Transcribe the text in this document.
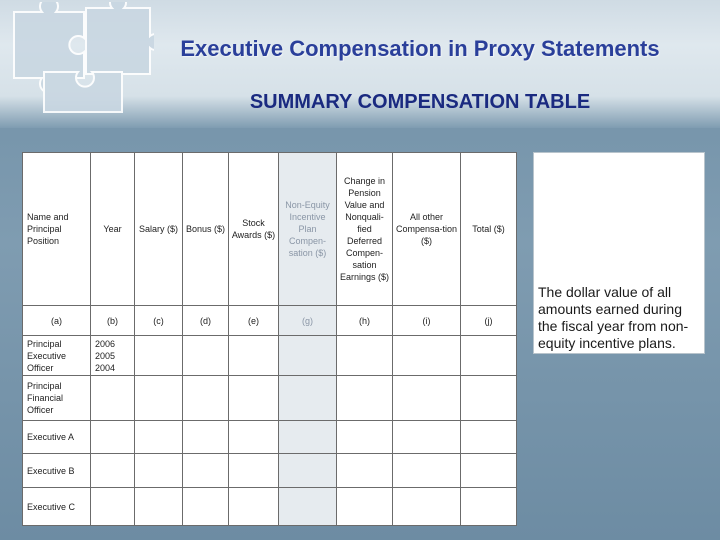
Executive Compensation in Proxy Statements
SUMMARY COMPENSATION TABLE
Name and Principal Position	Year	Salary ($)	Bonus ($)	Stock Awards ($)	Non-Equity Incentive Plan Compen-sation ($)	Change in Pension Value and Nonquali-fied Deferred Compen-sation Earnings ($)	All other Compensa-tion ($)	Total ($)
(a)	(b)	(c)	(d)	(e)	(g)	(h)	(i)	(j)
Principal Executive Officer	2006 2005 2004							
Principal Financial Officer								
Executive A								
Executive B								
Executive C								
The dollar value of all amounts earned during the fiscal year from non-equity incentive plans.
